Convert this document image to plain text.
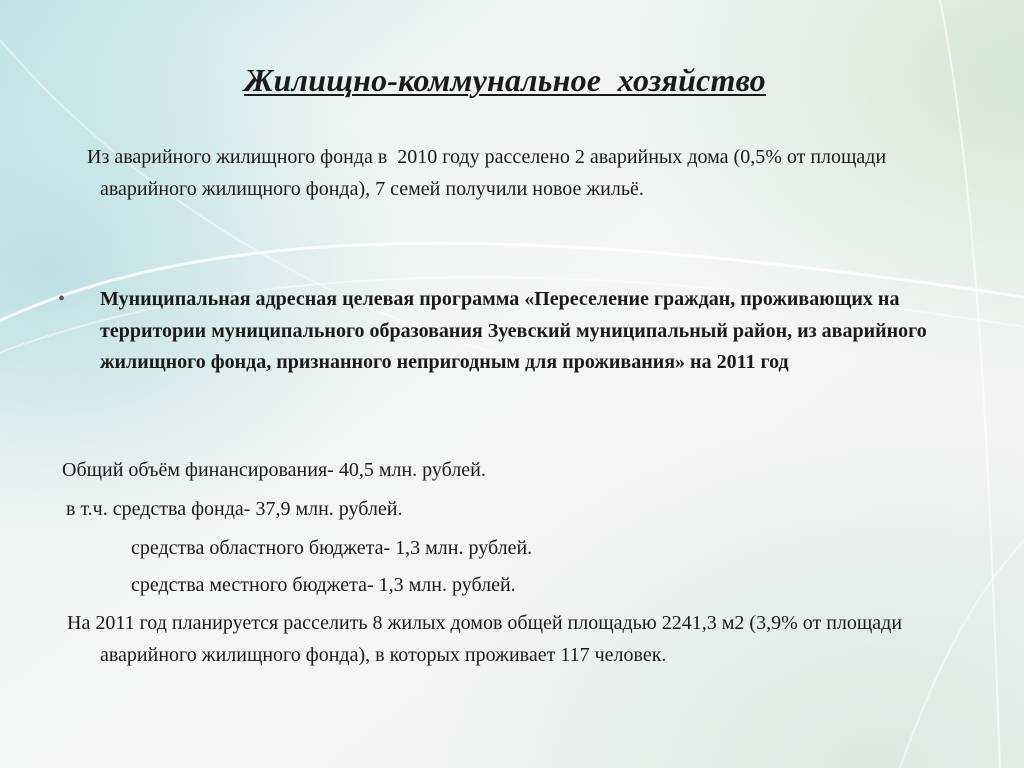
Жилищно-коммунальное  хозяйство

Из аварийного жилищного фонда в  2010 году расселено 2 аварийных дома (0,5% от площади аварийного жилищного фонда), 7 семей получили новое жильё.

• Муниципальная адресная целевая программа «Переселение граждан, проживающих на территории муниципального образования Зуевский муниципальный район, из аварийного жилищного фонда, признанного непригодным для проживания» на 2011 год

Общий объём финансирования- 40,5 млн. рублей.

в т.ч. средства фонда- 37,9 млн. рублей.

средства областного бюджета- 1,3 млн. рублей.

средства местного бюджета- 1,3 млн. рублей.

На 2011 год планируется расселить 8 жилых домов общей площадью 2241,3 м2 (3,9% от площади аварийного жилищного фонда), в которых проживает 117 человек.
